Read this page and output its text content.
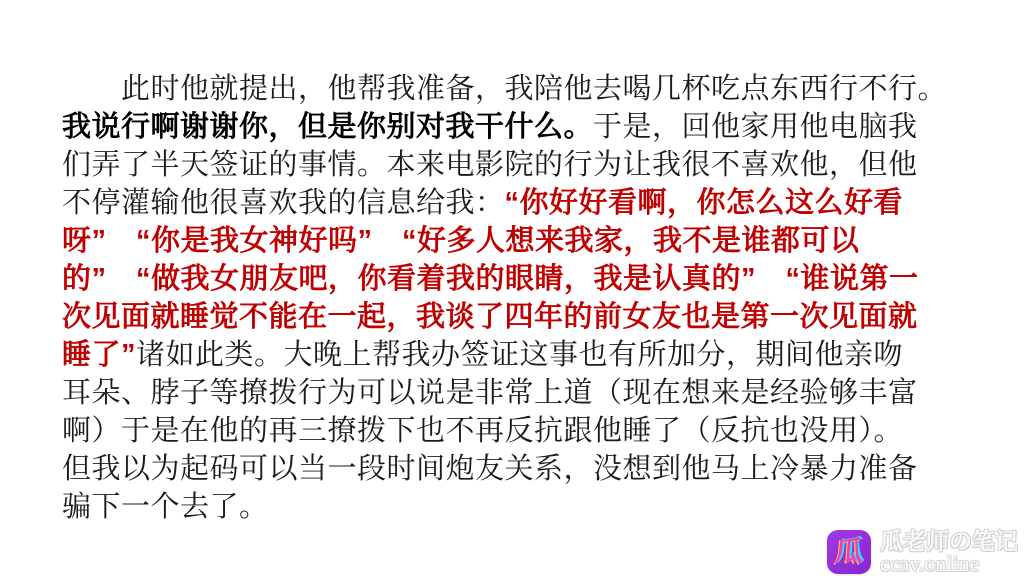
　　此时他就提出，他帮我准备，我陪他去喝几杯吃点东西行不行。
我说行啊谢谢你，但是你别对我干什么。于是，回他家用他电脑我
们弄了半天签证的事情。本来电影院的行为让我很不喜欢他，但他
不停灌输他很喜欢我的信息给我：“你好好看啊，你怎么这么好看
呀”　“你是我女神好吗”　“好多人想来我家，我不是谁都可以
的”　“做我女朋友吧，你看着我的眼睛，我是认真的”　“谁说第一
次见面就睡觉不能在一起，我谈了四年的前女友也是第一次见面就
睡了”诸如此类。大晚上帮我办签证这事也有所加分，期间他亲吻
耳朵、脖子等撩拨行为可以说是非常上道（现在想来是经验够丰富
啊）于是在他的再三撩拨下也不再反抗跟他睡了（反抗也没用）。
但我以为起码可以当一段时间炮友关系，没想到他马上冷暴力准备
骗下一个去了。
瓜 瓜老师の笔记
ccav.online
